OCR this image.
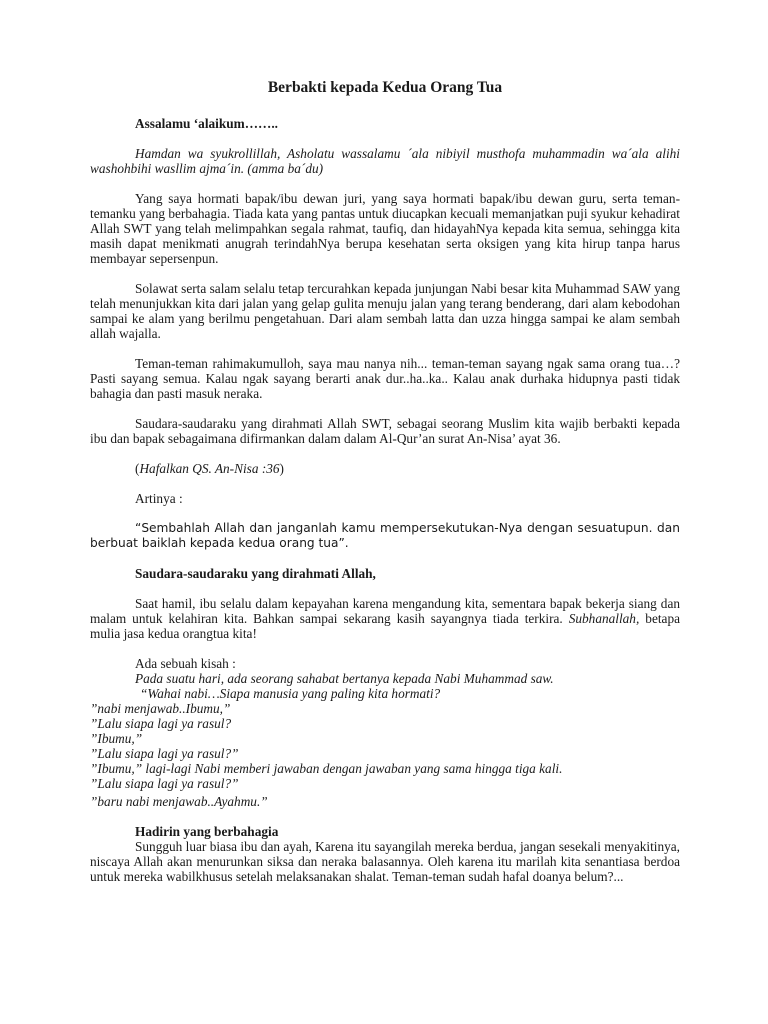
Berbakti kepada Kedua Orang Tua

Assalamu ‘alaikum……..

Hamdan wa syukrollillah, Asholatu wassalamu ´ala nibiyil musthofa muhammadin wa´ala alihi washohbihi wasllim ajma´in. (amma ba´du)

Yang saya hormati bapak/ibu dewan juri, yang saya hormati bapak/ibu dewan guru, serta teman-temanku yang berbahagia. Tiada kata yang pantas untuk diucapkan kecuali memanjatkan puji syukur kehadirat Allah SWT yang telah melimpahkan segala rahmat, taufiq, dan hidayahNya kepada kita semua, sehingga kita masih dapat menikmati anugrah terindahNya berupa kesehatan serta oksigen yang kita hirup tanpa harus membayar sepersenpun.

Solawat serta salam selalu tetap tercurahkan kepada junjungan Nabi besar kita Muhammad SAW yang telah menunjukkan kita dari jalan yang gelap gulita menuju jalan yang terang benderang, dari alam kebodohan sampai ke alam yang berilmu pengetahuan. Dari alam sembah latta dan uzza hingga sampai ke alam sembah allah wajalla.

Teman-teman rahimakumulloh, saya mau nanya nih... teman-teman sayang ngak sama orang tua…? Pasti sayang semua. Kalau ngak sayang berarti anak dur..ha..ka.. Kalau anak durhaka hidupnya pasti tidak bahagia dan pasti masuk neraka.

Saudara-saudaraku yang dirahmati Allah SWT, sebagai seorang Muslim kita wajib berbakti kepada ibu dan bapak sebagaimana difirmankan dalam dalam Al-Qur’an surat An-Nisa’ ayat 36.

(Hafalkan QS. An-Nisa :36)

Artinya :

“Sembahlah Allah dan janganlah kamu mempersekutukan-Nya dengan sesuatupun. dan berbuat baiklah kepada kedua orang tua”.

Saudara-saudaraku yang dirahmati Allah,

Saat hamil, ibu selalu dalam kepayahan karena mengandung kita, sementara bapak bekerja siang dan malam untuk kelahiran kita. Bahkan sampai sekarang kasih sayangnya tiada terkira. Subhanallah, betapa mulia jasa kedua orangtua kita!

Ada sebuah kisah :

Pada suatu hari, ada seorang sahabat bertanya kepada Nabi Muhammad saw.

“Wahai nabi…Siapa manusia yang paling kita hormati?

”nabi menjawab..Ibumu,”

”Lalu siapa lagi ya rasul?

”Ibumu,”

”Lalu siapa lagi ya rasul?”

”Ibumu,” lagi-lagi Nabi memberi jawaban dengan jawaban yang sama hingga tiga kali.

”Lalu siapa lagi ya rasul?”

”baru nabi menjawab..Ayahmu.”

Hadirin yang berbahagia

Sungguh luar biasa ibu dan ayah, Karena itu sayangilah mereka berdua, jangan sesekali menyakitinya, niscaya Allah akan menurunkan siksa dan neraka balasannya. Oleh karena itu marilah kita senantiasa berdoa untuk mereka wabilkhusus setelah melaksanakan shalat. Teman-teman sudah hafal doanya belum?...
